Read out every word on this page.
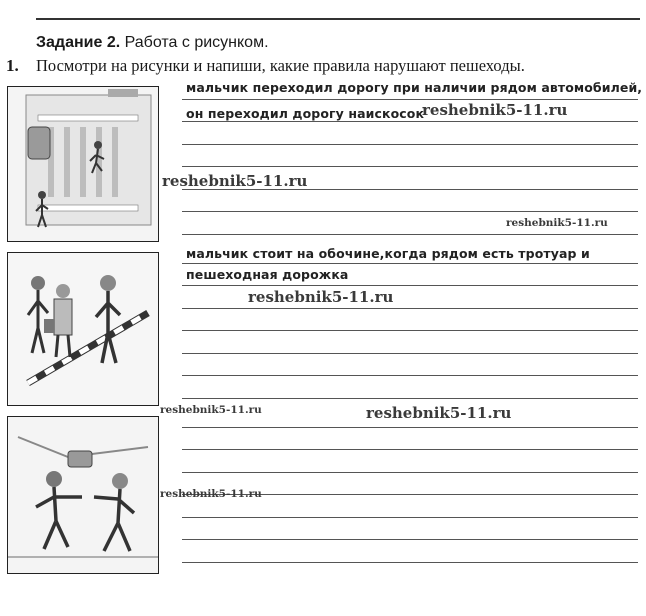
Задание 2. Работа с рисунком.
1. Посмотри на рисунки и напиши, какие правила нарушают пешеходы.
мальчик переходил дорогу при наличии рядом автомобилей,
он переходил дорогу наискосок
мальчик стоит на обочине,когда рядом есть тротуар и
пешеходная дорожка
reshebnik5-11.ru
reshebnik5-11.ru
reshebnik5-11.ru
reshebnik5-11.ru
reshebnik5-11.ru	reshebnik5-11.ru
reshebnik5-11.ru
